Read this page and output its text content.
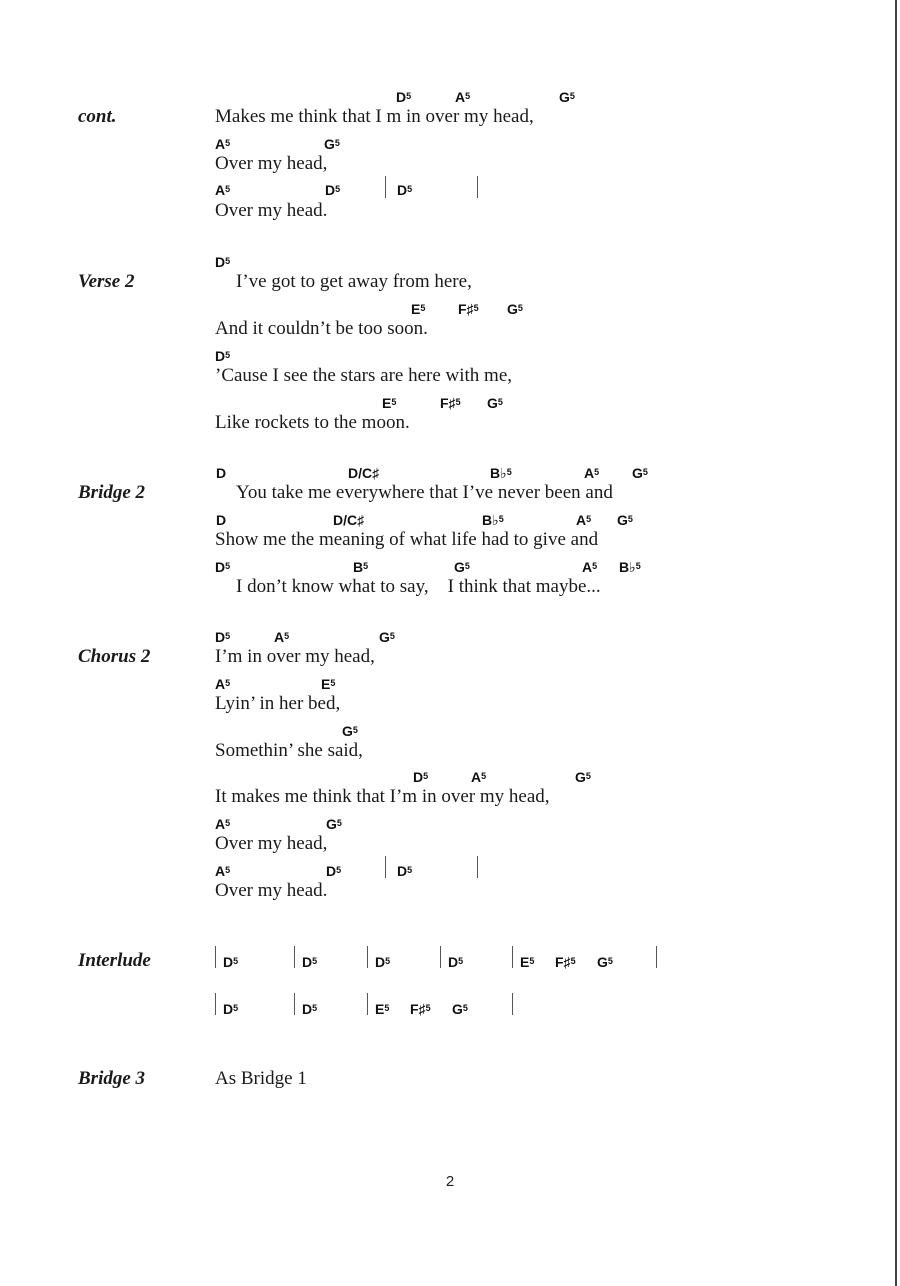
cont.
Verse 2
Bridge 2
Chorus 2
Interlude
Bridge 3
$D^5$	$A^5$	$G^5$
Makes me think that I m in over my head,
$A^5$	$G^5$
Over my head,
$A^5$	$D^5$	$D^5$
Over my head.
$D^5$
I’ve got to get away from here,
$E^5$ F♯$^5$ $G^5$
And it couldn’t be too soon.
$D^5$
’Cause I see the stars are here with me,
$E^5$	F♯$^5$ $G^5$
Like rockets to the moon.
D	D/C♯	B♭$^5$	$A^5$ $G^5$
You take me everywhere that I’ve never been and
D	D/C♯	B♭$^5$	$A^5$ $G^5$
Show me the meaning of what life had to give and
$D^5$	$B^5$	$G^5$	$A^5$ B♭$^5$
I don’t know what to say,    I think that maybe...
$D^5$	$A^5$	$G^5$
I’m in over my head,
$A^5$	$E^5$
Lyin’ in her bed,
$G^5$
Somethin’ she said,
$D^5$	$A^5$	$G^5$
It makes me think that I’m in over my head,
$A^5$	$G^5$
Over my head,
$A^5$	$D^5$	$D^5$
Over my head.
$D^5$	$D^5$	$D^5$	$D^5$	$E^5$ F♯$^5$ $G^5$
$D^5$	$D^5$	$E^5$ F♯$^5$ $G^5$
As Bridge 1
2
